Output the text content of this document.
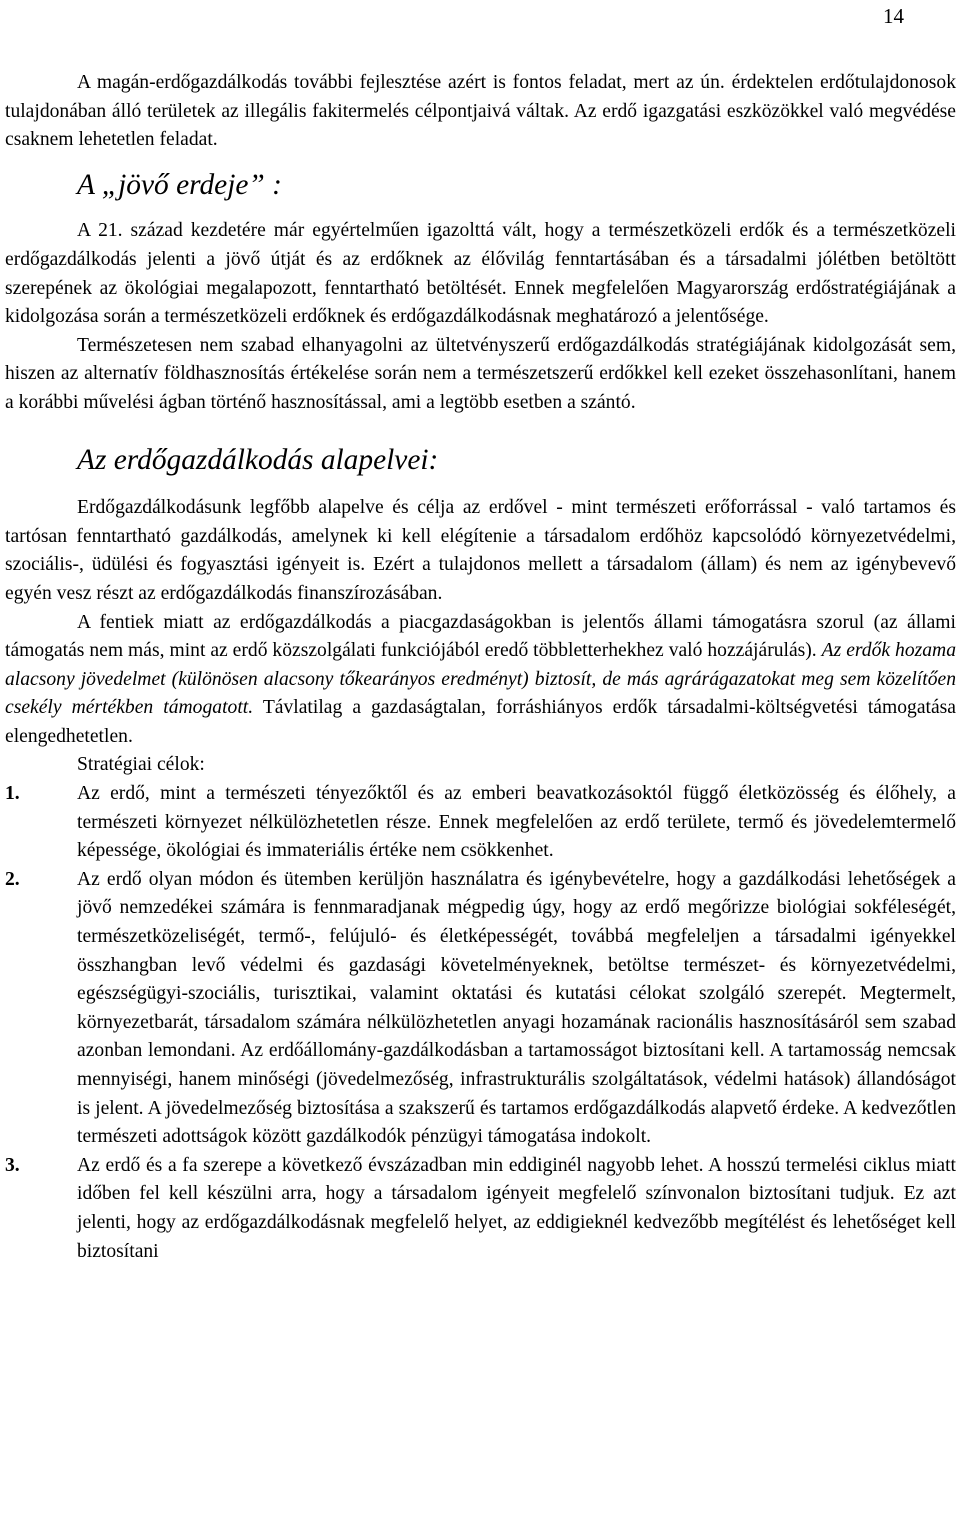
14

A magán-erdőgazdálkodás további fejlesztése azért is fontos feladat, mert az ún. érdektelen erdőtulajdonosok tulajdonában álló területek az illegális fakitermelés célpontjaivá váltak. Az erdő igazgatási eszközökkel való megvédése csaknem lehetetlen feladat.

A „jövő erdeje” :

A 21. század kezdetére már egyértelműen igazolttá vált, hogy a természetközeli erdők és a természetközeli erdőgazdálkodás jelenti a jövő útját és az erdőknek az élővilág fenntartásában és a társadalmi jólétben betöltött szerepének az ökológiai megalapozott, fenntartható betöltését. Ennek megfelelően Magyarország erdőstratégiájának a kidolgozása során a természetközeli erdőknek és erdőgazdálkodásnak meghatározó a jelentősége.

Természetesen nem szabad elhanyagolni az ültetvényszerű erdőgazdálkodás stratégiájának kidolgozását sem, hiszen az alternatív földhasznosítás értékelése során nem a természetszerű erdőkkel kell ezeket összehasonlítani, hanem a korábbi művelési ágban történő hasznosítással, ami a legtöbb esetben a szántó.

Az erdőgazdálkodás alapelvei:

Erdőgazdálkodásunk legfőbb alapelve és célja az erdővel - mint természeti erőforrással - való tartamos és tartósan fenntartható gazdálkodás, amelynek ki kell elégítenie a társadalom erdőhöz kapcsolódó környezetvédelmi, szociális-, üdülési és fogyasztási igényeit is. Ezért a tulajdonos mellett a társadalom (állam) és nem az igénybevevő egyén vesz részt az erdőgazdálkodás finanszírozásában.

A fentiek miatt az erdőgazdálkodás a piacgazdaságokban is jelentős állami támogatásra szorul (az állami támogatás nem más, mint az erdő közszolgálati funkciójából eredő többletterhekhez való hozzájárulás). Az erdők hozama alacsony jövedelmet (különösen alacsony tőkearányos eredményt) biztosít, de más agrárágazatokat meg sem közelítően csekély mértékben támogatott. Távlatilag a gazdaságtalan, forráshiányos erdők társadalmi-költségvetési támogatása elengedhetetlen.

Stratégiai célok:

1.	Az erdő, mint a természeti tényezőktől és az emberi beavatkozásoktól függő életközösség és élőhely, a természeti környezet nélkülözhetetlen része. Ennek megfelelően az erdő területe, termő és jövedelemtermelő képessége, ökológiai és immateriális értéke nem csökkenhet.

2.	Az erdő olyan módon és ütemben kerüljön használatra és igénybevételre, hogy a gazdálkodási lehetőségek a jövő nemzedékei számára is fennmaradjanak mégpedig úgy, hogy az erdő megőrizze biológiai sokféleségét, természetközeliségét, termő-, felújuló- és életképességét, továbbá megfeleljen a társadalmi igényekkel összhangban levő védelmi és gazdasági követelményeknek, betöltse természet- és környezetvédelmi, egészségügyi-szociális, turisztikai, valamint oktatási és kutatási célokat szolgáló szerepét. Megtermelt, környezetbarát, társadalom számára nélkülözhetetlen anyagi hozamának racionális hasznosításáról sem szabad azonban lemondani. Az erdőállomány-gazdálkodásban a tartamosságot biztosítani kell. A tartamosság nemcsak mennyiségi, hanem minőségi (jövedelmezőség, infrastrukturális szolgáltatások, védelmi hatások) állandóságot is jelent. A jövedelmezőség biztosítása a szakszerű és tartamos erdőgazdálkodás alapvető érdeke. A kedvezőtlen természeti adottságok között gazdálkodók pénzügyi támogatása indokolt.

3.	Az erdő és a fa szerepe a következő évszázadban min eddiginél nagyobb lehet. A hosszú termelési ciklus miatt időben fel kell készülni arra, hogy a társadalom igényeit megfelelő színvonalon biztosítani tudjuk. Ez azt jelenti, hogy az erdőgazdálkodásnak megfelelő helyet, az eddigieknél kedvezőbb megítélést és lehetőséget kell biztosítani
